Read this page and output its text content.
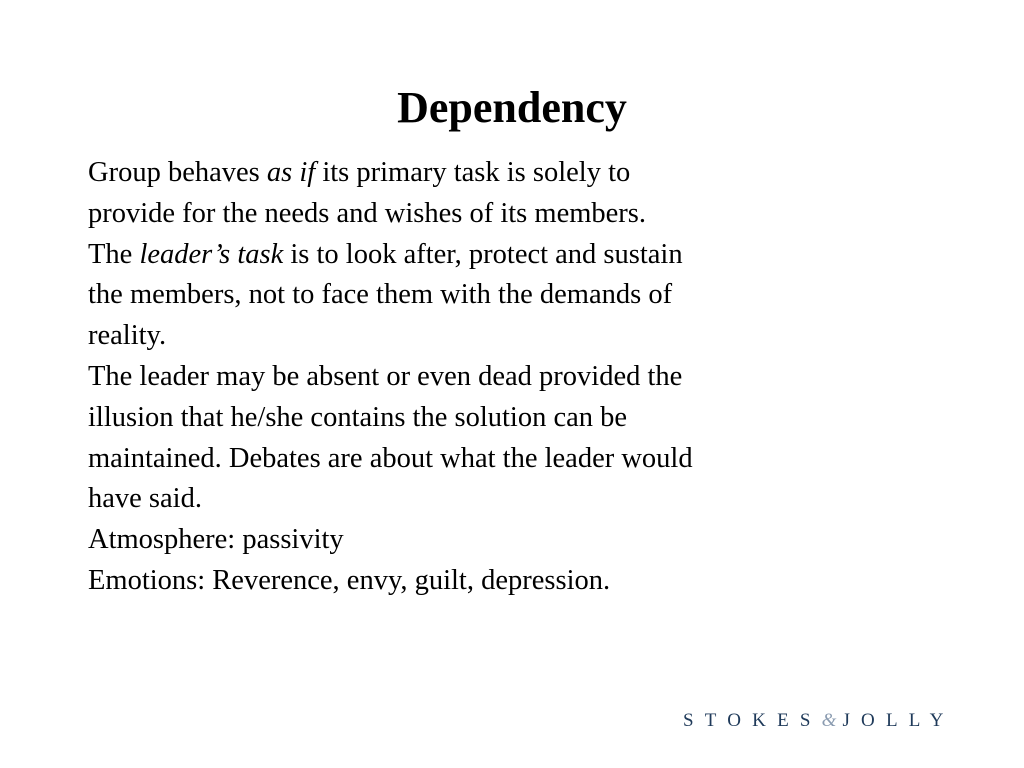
Dependency
Group behaves as if its primary task is solely to
provide for the needs and wishes of its members.
The leader’s task is to look after, protect and sustain
the members, not to face them with the demands of
reality.
The leader may be absent or even dead provided the
illusion that he/she contains the solution can be
maintained. Debates are about what the leader would
have said.
Atmosphere: passivity
Emotions: Reverence, envy, guilt, depression.
STOKES&JOLLY
